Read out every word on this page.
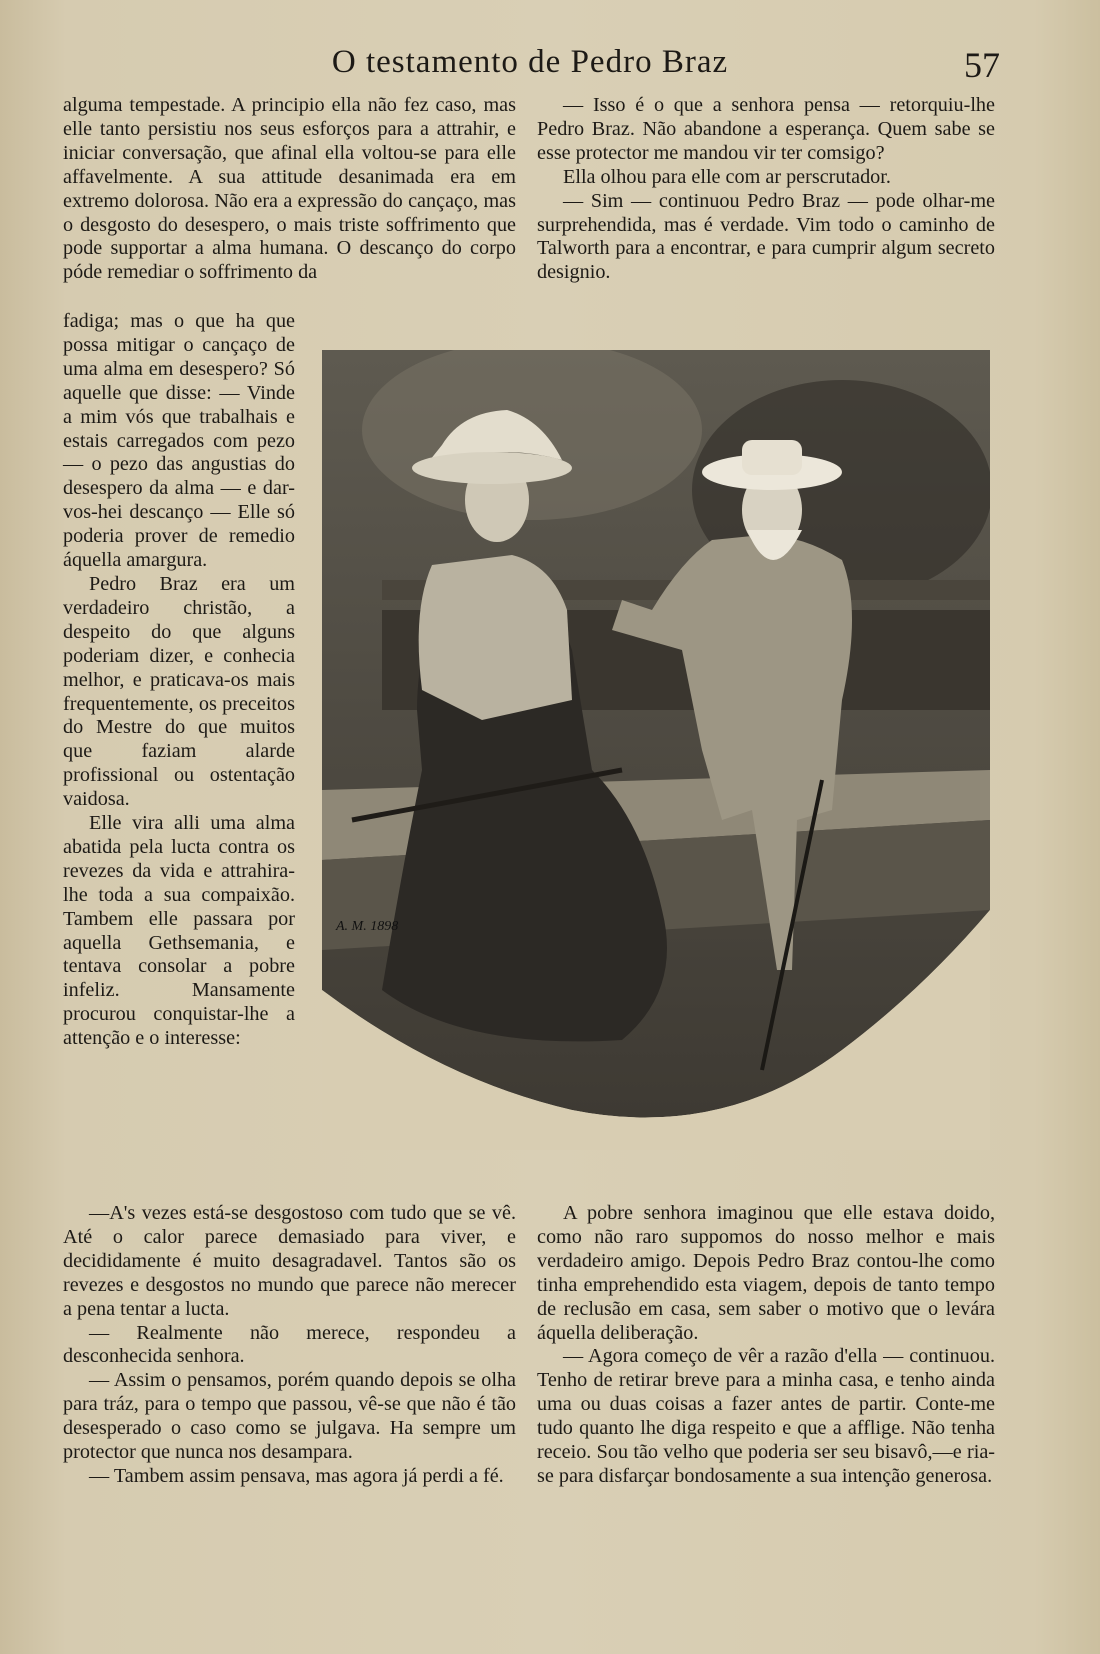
O testamento de Pedro Braz	57

alguma tempestade. A principio ella não fez caso, mas elle tanto persistiu nos seus esforços para a attrahir, e iniciar conversação, que afinal ella voltou-se para elle affavelmente. A sua attitude desanimada era em extremo dolorosa. Não era a expressão do cançaço, mas o desgosto do desespero, o mais triste soffrimento que pode supportar a alma humana. O descanço do corpo póde remediar o soffrimento da

fadiga; mas o que ha que possa mitigar o cançaço de uma alma em desespero? Só aquelle que disse: — Vinde a mim vós que trabalhais e estais carregados com pezo — o pezo das angustias do desespero da alma — e dar-vos-hei descanço — Elle só poderia prover de remedio áquella amargura.

Pedro Braz era um verdadeiro christão, a despeito do que alguns poderiam dizer, e conhecia melhor, e praticava-os mais frequentemente, os preceitos do Mestre do que muitos que faziam alarde profissional ou ostentação vaidosa.

Elle vira alli uma alma abatida pela lucta contra os revezes da vida e attrahira-lhe toda a sua compaixão. Tambem elle passara por aquella Gethsemania, e tentava consolar a pobre infeliz. Mansamente procurou conquistar-lhe a attenção e o interesse:

—A's vezes está-se desgostoso com tudo que se vê. Até o calor parece demasiado para viver, e decididamente é muito desagradavel. Tantos são os revezes e desgostos no mundo que parece não merecer a pena tentar a lucta.

— Realmente não merece, respondeu a desconhecida senhora.

— Assim o pensamos, porém quando depois se olha para tráz, para o tempo que passou, vê-se que não é tão desesperado o caso como se julgava. Ha sempre um protector que nunca nos desampara.

— Tambem assim pensava, mas agora já perdi a fé.

— Isso é o que a senhora pensa — retorquiu-lhe Pedro Braz. Não abandone a esperança. Quem sabe se esse protector me mandou vir ter comsigo?

Ella olhou para elle com ar perscrutador.

— Sim — continuou Pedro Braz — pode olhar-me surprehendida, mas é verdade. Vim todo o caminho de Talworth para a encontrar, e para cumprir algum secreto designio.

A pobre senhora imaginou que elle estava doido, como não raro suppomos do nosso melhor e mais verdadeiro amigo. Depois Pedro Braz contou-lhe como tinha emprehendido esta viagem, depois de tanto tempo de reclusão em casa, sem saber o motivo que o levára áquella deliberação.

— Agora começo de vêr a razão d'ella — continuou. Tenho de retirar breve para a minha casa, e tenho ainda uma ou duas coisas a fazer antes de partir. Conte-me tudo quanto lhe diga respeito e que a afflige. Não tenha receio. Sou tão velho que poderia ser seu bisavô,—e ria-se para disfarçar bondosamente a sua intenção generosa.

A. M. 1898
